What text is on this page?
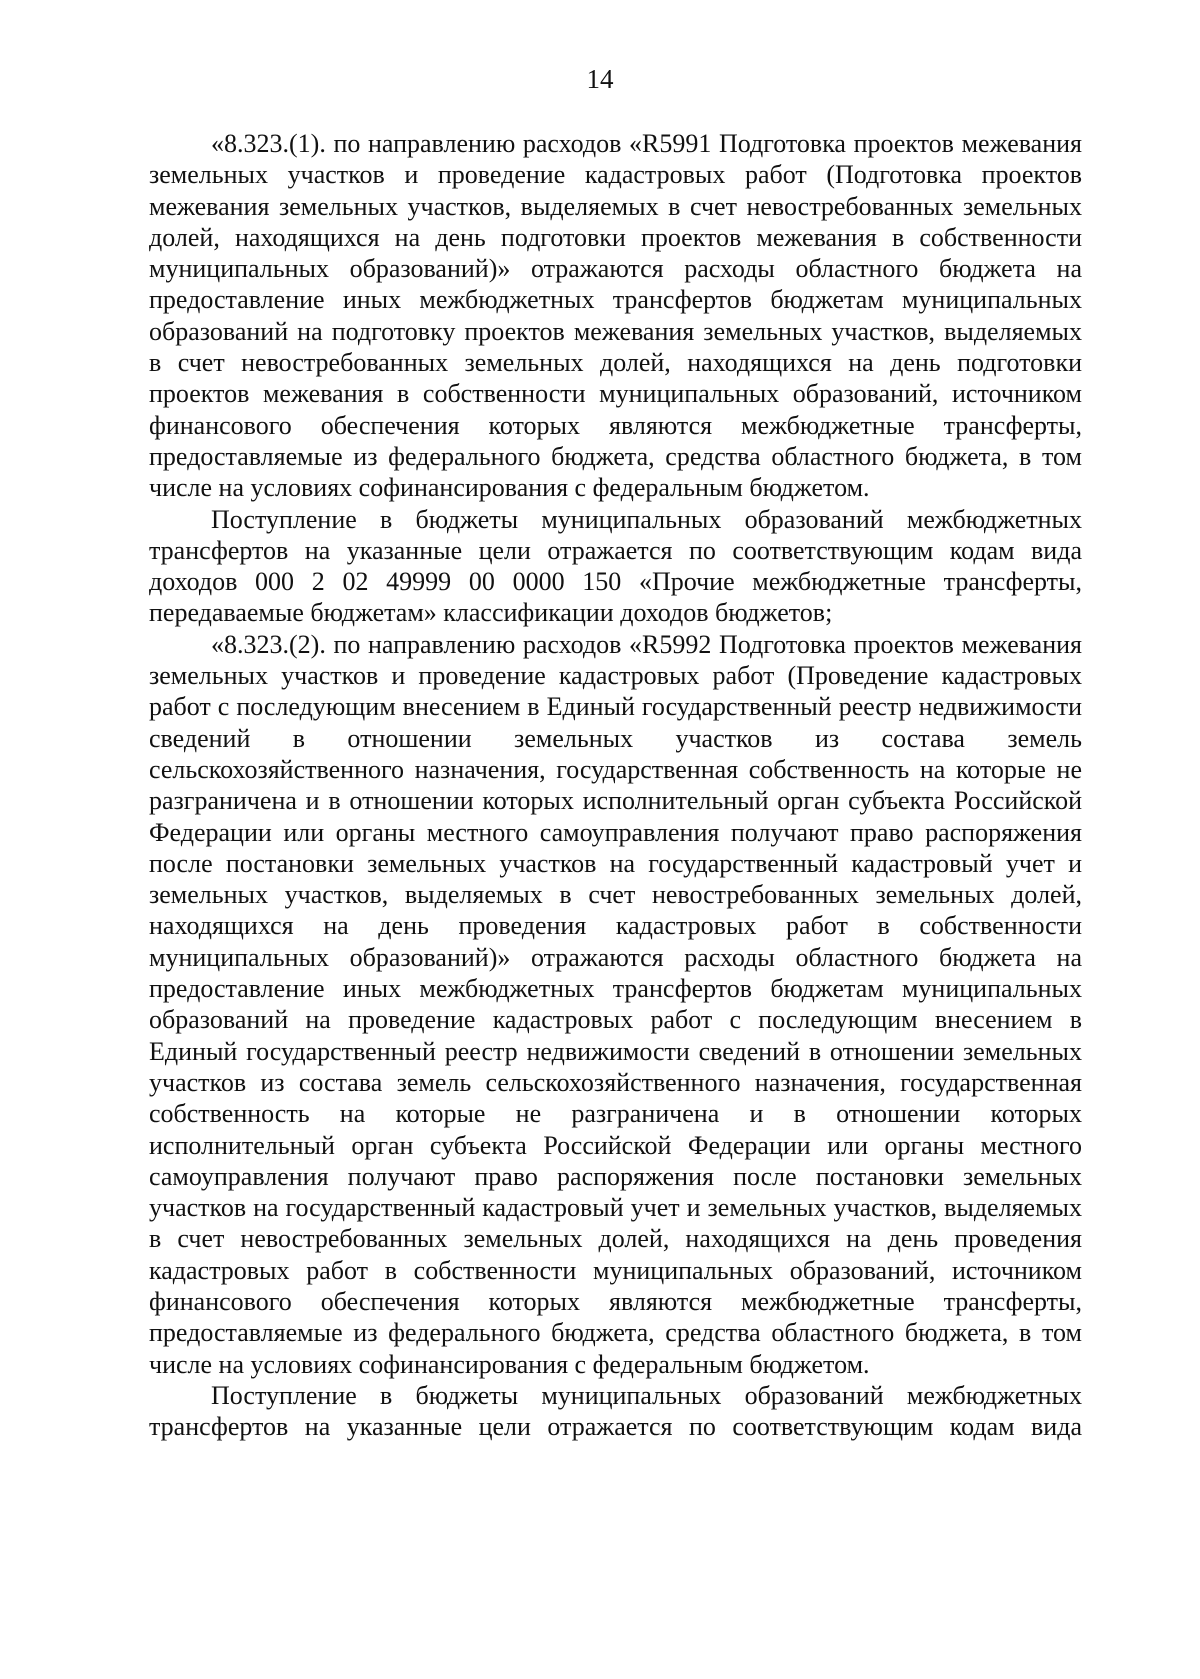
14

«8.323.(1). по направлению расходов «R5991 Подготовка проектов межевания земельных участков и проведение кадастровых работ (Подготовка проектов межевания земельных участков, выделяемых в счет невостребованных земельных долей, находящихся на день подготовки проектов межевания в собственности муниципальных образований)» отражаются расходы областного бюджета на предоставление иных межбюджетных трансфертов бюджетам муниципальных образований на подготовку проектов межевания земельных участков, выделяемых в счет невостребованных земельных долей, находящихся на день подготовки проектов межевания в собственности муниципальных образований, источником финансового обеспечения которых являются межбюджетные трансферты, предоставляемые из федерального бюджета, средства областного бюджета, в том числе на условиях софинансирования с федеральным бюджетом.

Поступление в бюджеты муниципальных образований межбюджетных трансфертов на указанные цели отражается по соответствующим кодам вида доходов 000 2 02 49999 00 0000 150 «Прочие межбюджетные трансферты, передаваемые бюджетам» классификации доходов бюджетов;

«8.323.(2). по направлению расходов «R5992 Подготовка проектов межевания земельных участков и проведение кадастровых работ (Проведение кадастровых работ с последующим внесением в Единый государственный реестр недвижимости сведений в отношении земельных участков из состава земель сельскохозяйственного назначения, государственная собственность на которые не разграничена и в отношении которых исполнительный орган субъекта Российской Федерации или органы местного самоуправления получают право распоряжения после постановки земельных участков на государственный кадастровый учет и земельных участков, выделяемых в счет невостребованных земельных долей, находящихся на день проведения кадастровых работ в собственности муниципальных образований)» отражаются расходы областного бюджета на предоставление иных межбюджетных трансфертов бюджетам муниципальных образований на проведение кадастровых работ с последующим внесением в Единый государственный реестр недвижимости сведений в отношении земельных участков из состава земель сельскохозяйственного назначения, государственная собственность на которые не разграничена и в отношении которых исполнительный орган субъекта Российской Федерации или органы местного самоуправления получают право распоряжения после постановки земельных участков на государственный кадастровый учет и земельных участков, выделяемых в счет невостребованных земельных долей, находящихся на день проведения кадастровых работ в собственности муниципальных образований, источником финансового обеспечения которых являются межбюджетные трансферты, предоставляемые из федерального бюджета, средства областного бюджета, в том числе на условиях софинансирования с федеральным бюджетом.

Поступление в бюджеты муниципальных образований межбюджетных трансфертов на указанные цели отражается по соответствующим кодам вида
